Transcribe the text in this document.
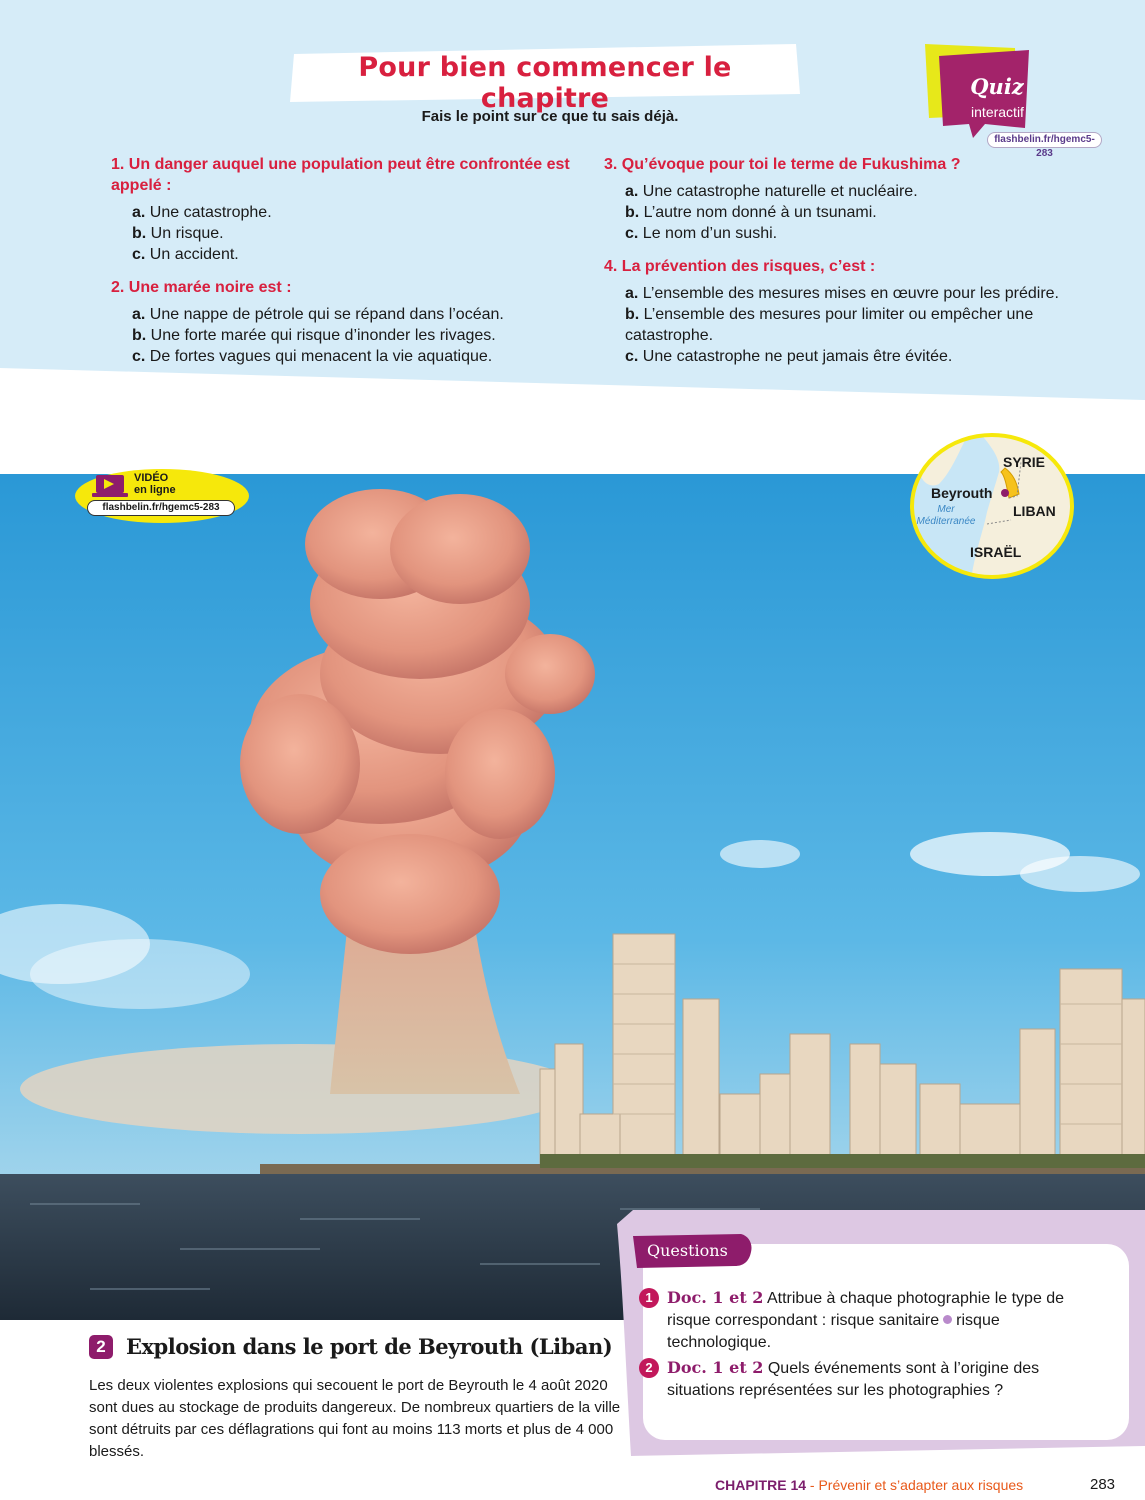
Pour bien commencer le chapitre
Fais le point sur ce que tu sais déjà.
Quiz
interactif
flashbelin.fr/hgemc5-283
1. Un danger auquel une population peut être confrontée est appelé :
a. Une catastrophe.
b. Un risque.
c. Un accident.
2. Une marée noire est :
a. Une nappe de pétrole qui se répand dans l’océan.
b. Une forte marée qui risque d’inonder les rivages.
c. De fortes vagues qui menacent la vie aquatique.
3. Qu’évoque pour toi le terme de Fukushima ?
a. Une catastrophe naturelle et nucléaire.
b. L’autre nom donné à un tsunami.
c. Le nom d’un sushi.
4. La prévention des risques, c’est :
a. L’ensemble des mesures mises en œuvre pour les prédire.
b. L’ensemble des mesures pour limiter ou empêcher une catastrophe.
c. Une catastrophe ne peut jamais être évitée.
VIDÉO
en ligne
flashbelin.fr/hgemc5-283
SYRIE
Beyrouth
LIBAN
ISRAËL
Mer
Méditerranée
2 Explosion dans le port de Beyrouth (Liban)

Les deux violentes explosions qui secouent le port de Beyrouth le 4 août 2020 sont dues au stockage de produits dangereux. De nombreux quartiers de la ville sont détruits par ces déflagrations qui font au moins 113 morts et plus de 4 000 blessés.

Questions
1 Doc. 1 et 2 Attribue à chaque photographie le type de risque correspondant : risque sanitaire risque technologique.
2 Doc. 1 et 2 Quels événements sont à l’origine des situations représentées sur les photographies ?
CHAPITRE 14 - Prévenir et s’adapter aux risques	283
